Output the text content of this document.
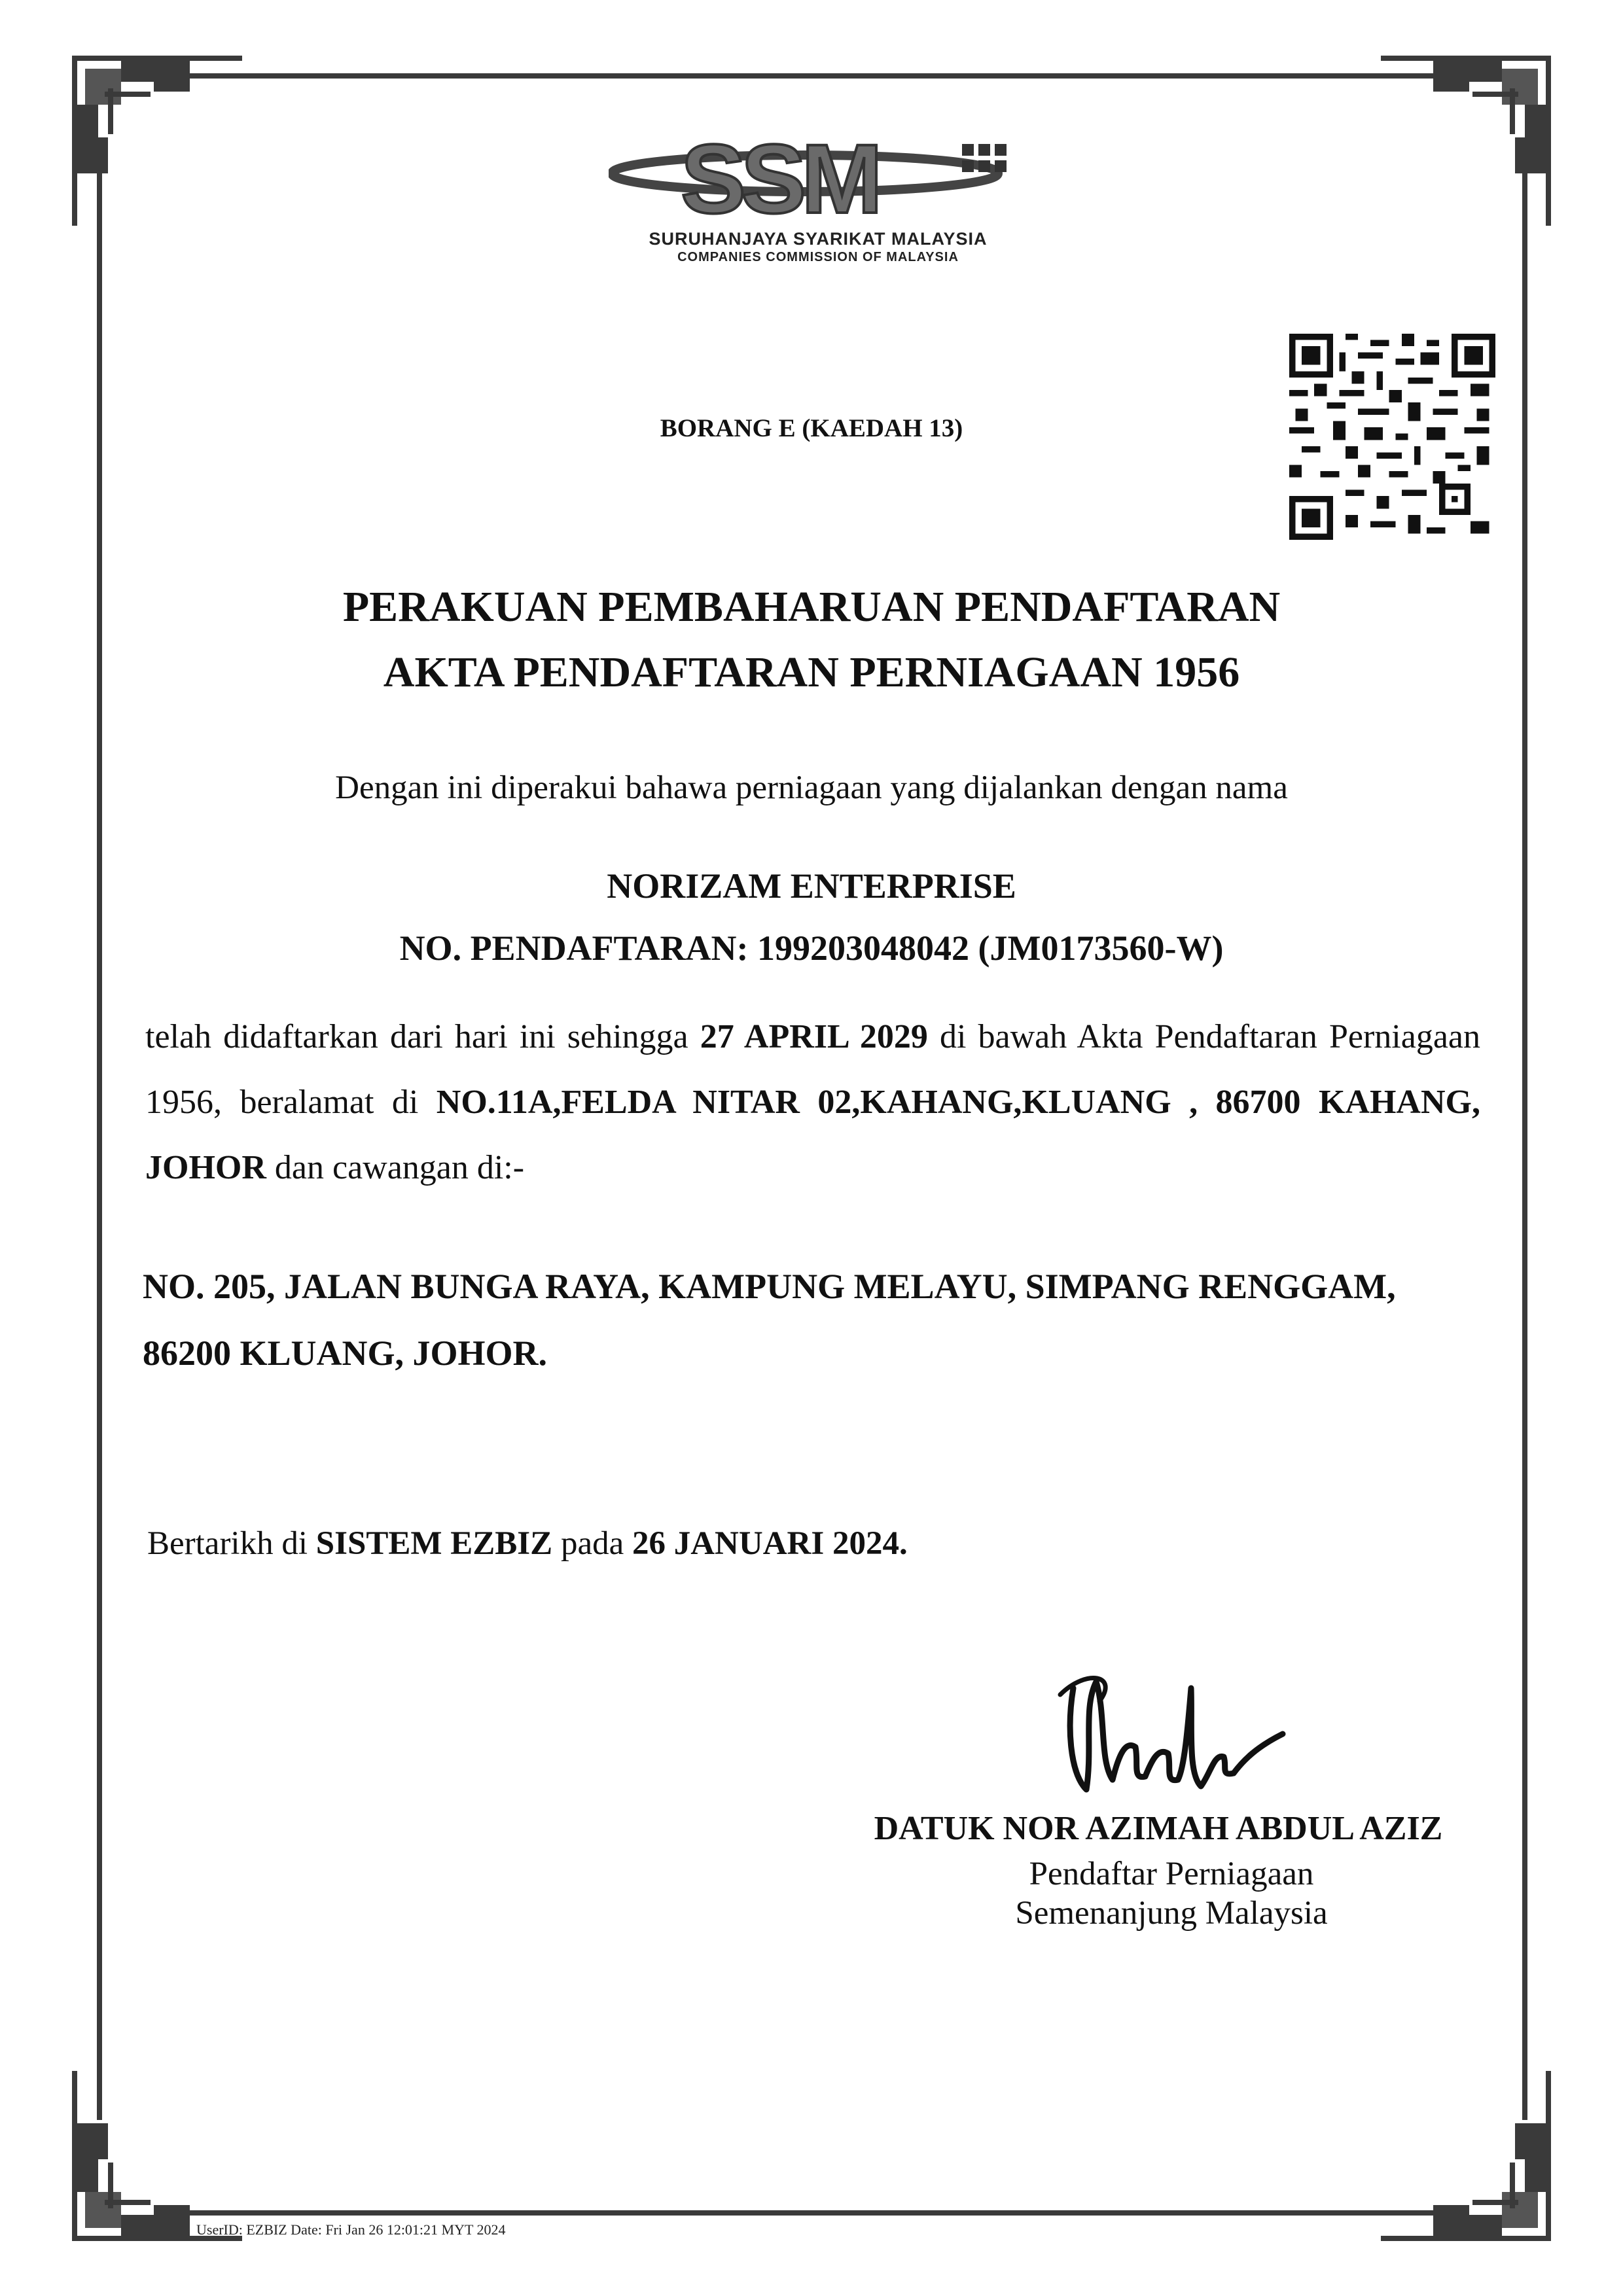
SSM
SURUHANJAYA SYARIKAT MALAYSIA
COMPANIES COMMISSION OF MALAYSIA
BORANG E (KAEDAH 13)
PERAKUAN PEMBAHARUAN PENDAFTARAN
AKTA PENDAFTARAN PERNIAGAAN 1956
Dengan ini diperakui bahawa perniagaan yang dijalankan dengan nama
NORIZAM ENTERPRISE
NO. PENDAFTARAN: 199203048042 (JM0173560-W)
telah didaftarkan dari hari ini sehingga 27 APRIL 2029 di bawah Akta Pendaftaran Perniagaan 1956, beralamat di NO.11A,FELDA NITAR 02,KAHANG,KLUANG , 86700 KAHANG, JOHOR dan cawangan di:-
NO. 205, JALAN BUNGA RAYA, KAMPUNG MELAYU, SIMPANG RENGGAM, 86200 KLUANG, JOHOR.
Bertarikh di SISTEM EZBIZ pada 26 JANUARI 2024.
DATUK NOR AZIMAH ABDUL AZIZ
Pendaftar Perniagaan
Semenanjung Malaysia
UserID: EZBIZ Date: Fri Jan 26 12:01:21 MYT 2024
